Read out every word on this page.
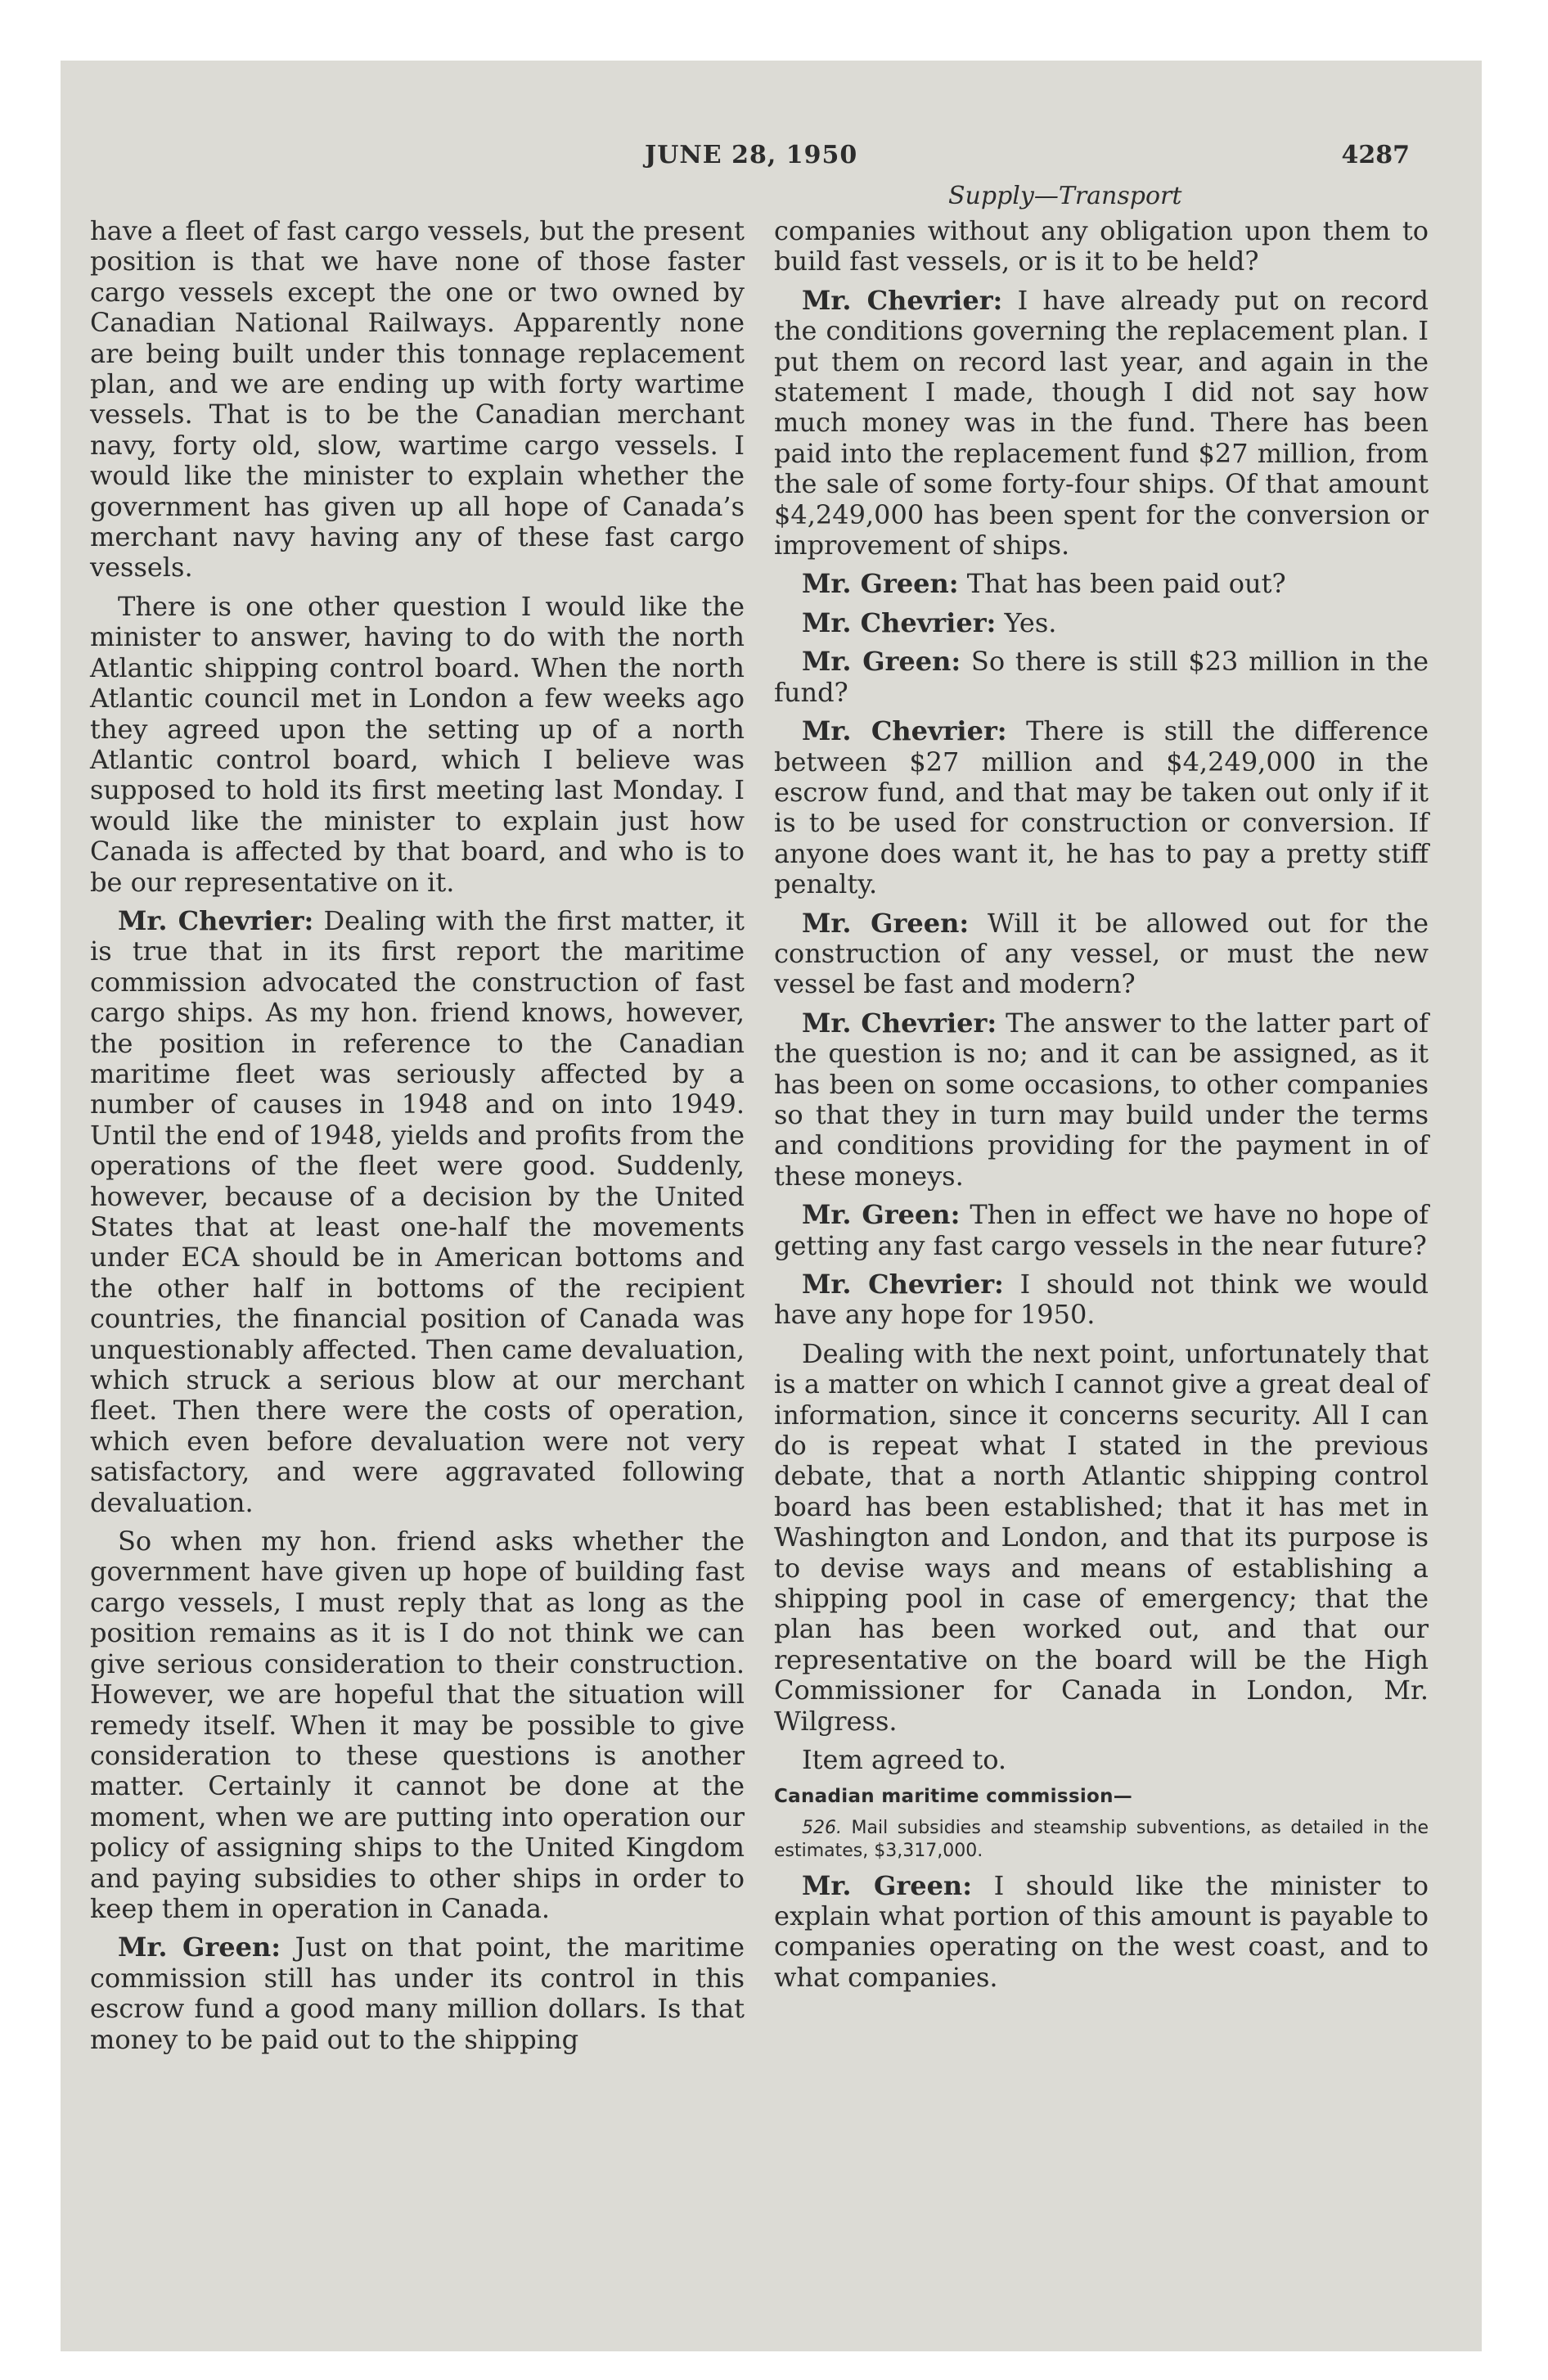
JUNE 28, 1950	4287
Supply—Transport

have a fleet of fast cargo vessels, but the present position is that we have none of those faster cargo vessels except the one or two owned by Canadian National Railways. Apparently none are being built under this tonnage replacement plan, and we are ending up with forty wartime vessels. That is to be the Canadian merchant navy, forty old, slow, wartime cargo vessels. I would like the minister to explain whether the government has given up all hope of Canada’s merchant navy having any of these fast cargo vessels.

There is one other question I would like the minister to answer, having to do with the north Atlantic shipping control board. When the north Atlantic council met in London a few weeks ago they agreed upon the setting up of a north Atlantic control board, which I believe was supposed to hold its first meeting last Monday. I would like the minister to explain just how Canada is affected by that board, and who is to be our representative on it.

Mr. Chevrier: Dealing with the first matter, it is true that in its first report the maritime commission advocated the construction of fast cargo ships. As my hon. friend knows, however, the position in reference to the Canadian maritime fleet was seriously affected by a number of causes in 1948 and on into 1949. Until the end of 1948, yields and profits from the operations of the fleet were good. Suddenly, however, because of a decision by the United States that at least one-half the movements under ECA should be in American bottoms and the other half in bottoms of the recipient countries, the financial position of Canada was unquestionably affected. Then came devaluation, which struck a serious blow at our merchant fleet. Then there were the costs of operation, which even before devaluation were not very satisfactory, and were aggravated following devaluation.

So when my hon. friend asks whether the government have given up hope of building fast cargo vessels, I must reply that as long as the position remains as it is I do not think we can give serious consideration to their construction. However, we are hopeful that the situation will remedy itself. When it may be possible to give consideration to these questions is another matter. Certainly it cannot be done at the moment, when we are putting into operation our policy of assigning ships to the United Kingdom and paying subsidies to other ships in order to keep them in operation in Canada.

Mr. Green: Just on that point, the maritime commission still has under its control in this escrow fund a good many million dollars. Is that money to be paid out to the shipping

companies without any obligation upon them to build fast vessels, or is it to be held?

Mr. Chevrier: I have already put on record the conditions governing the replacement plan. I put them on record last year, and again in the statement I made, though I did not say how much money was in the fund. There has been paid into the replacement fund $27 million, from the sale of some forty-four ships. Of that amount $4,249,000 has been spent for the conversion or improvement of ships.

Mr. Green: That has been paid out?

Mr. Chevrier: Yes.

Mr. Green: So there is still $23 million in the fund?

Mr. Chevrier: There is still the difference between $27 million and $4,249,000 in the escrow fund, and that may be taken out only if it is to be used for construction or conversion. If anyone does want it, he has to pay a pretty stiff penalty.

Mr. Green: Will it be allowed out for the construction of any vessel, or must the new vessel be fast and modern?

Mr. Chevrier: The answer to the latter part of the question is no; and it can be assigned, as it has been on some occasions, to other companies so that they in turn may build under the terms and conditions providing for the payment in of these moneys.

Mr. Green: Then in effect we have no hope of getting any fast cargo vessels in the near future?

Mr. Chevrier: I should not think we would have any hope for 1950.

Dealing with the next point, unfortunately that is a matter on which I cannot give a great deal of information, since it concerns security. All I can do is repeat what I stated in the previous debate, that a north Atlantic shipping control board has been established; that it has met in Washington and London, and that its purpose is to devise ways and means of establishing a shipping pool in case of emergency; that the plan has been worked out, and that our representative on the board will be the High Commissioner for Canada in London, Mr. Wilgress.

Item agreed to.

Canadian maritime commission—
526. Mail subsidies and steamship subventions, as detailed in the estimates, $3,317,000.

Mr. Green: I should like the minister to explain what portion of this amount is payable to companies operating on the west coast, and to what companies.
